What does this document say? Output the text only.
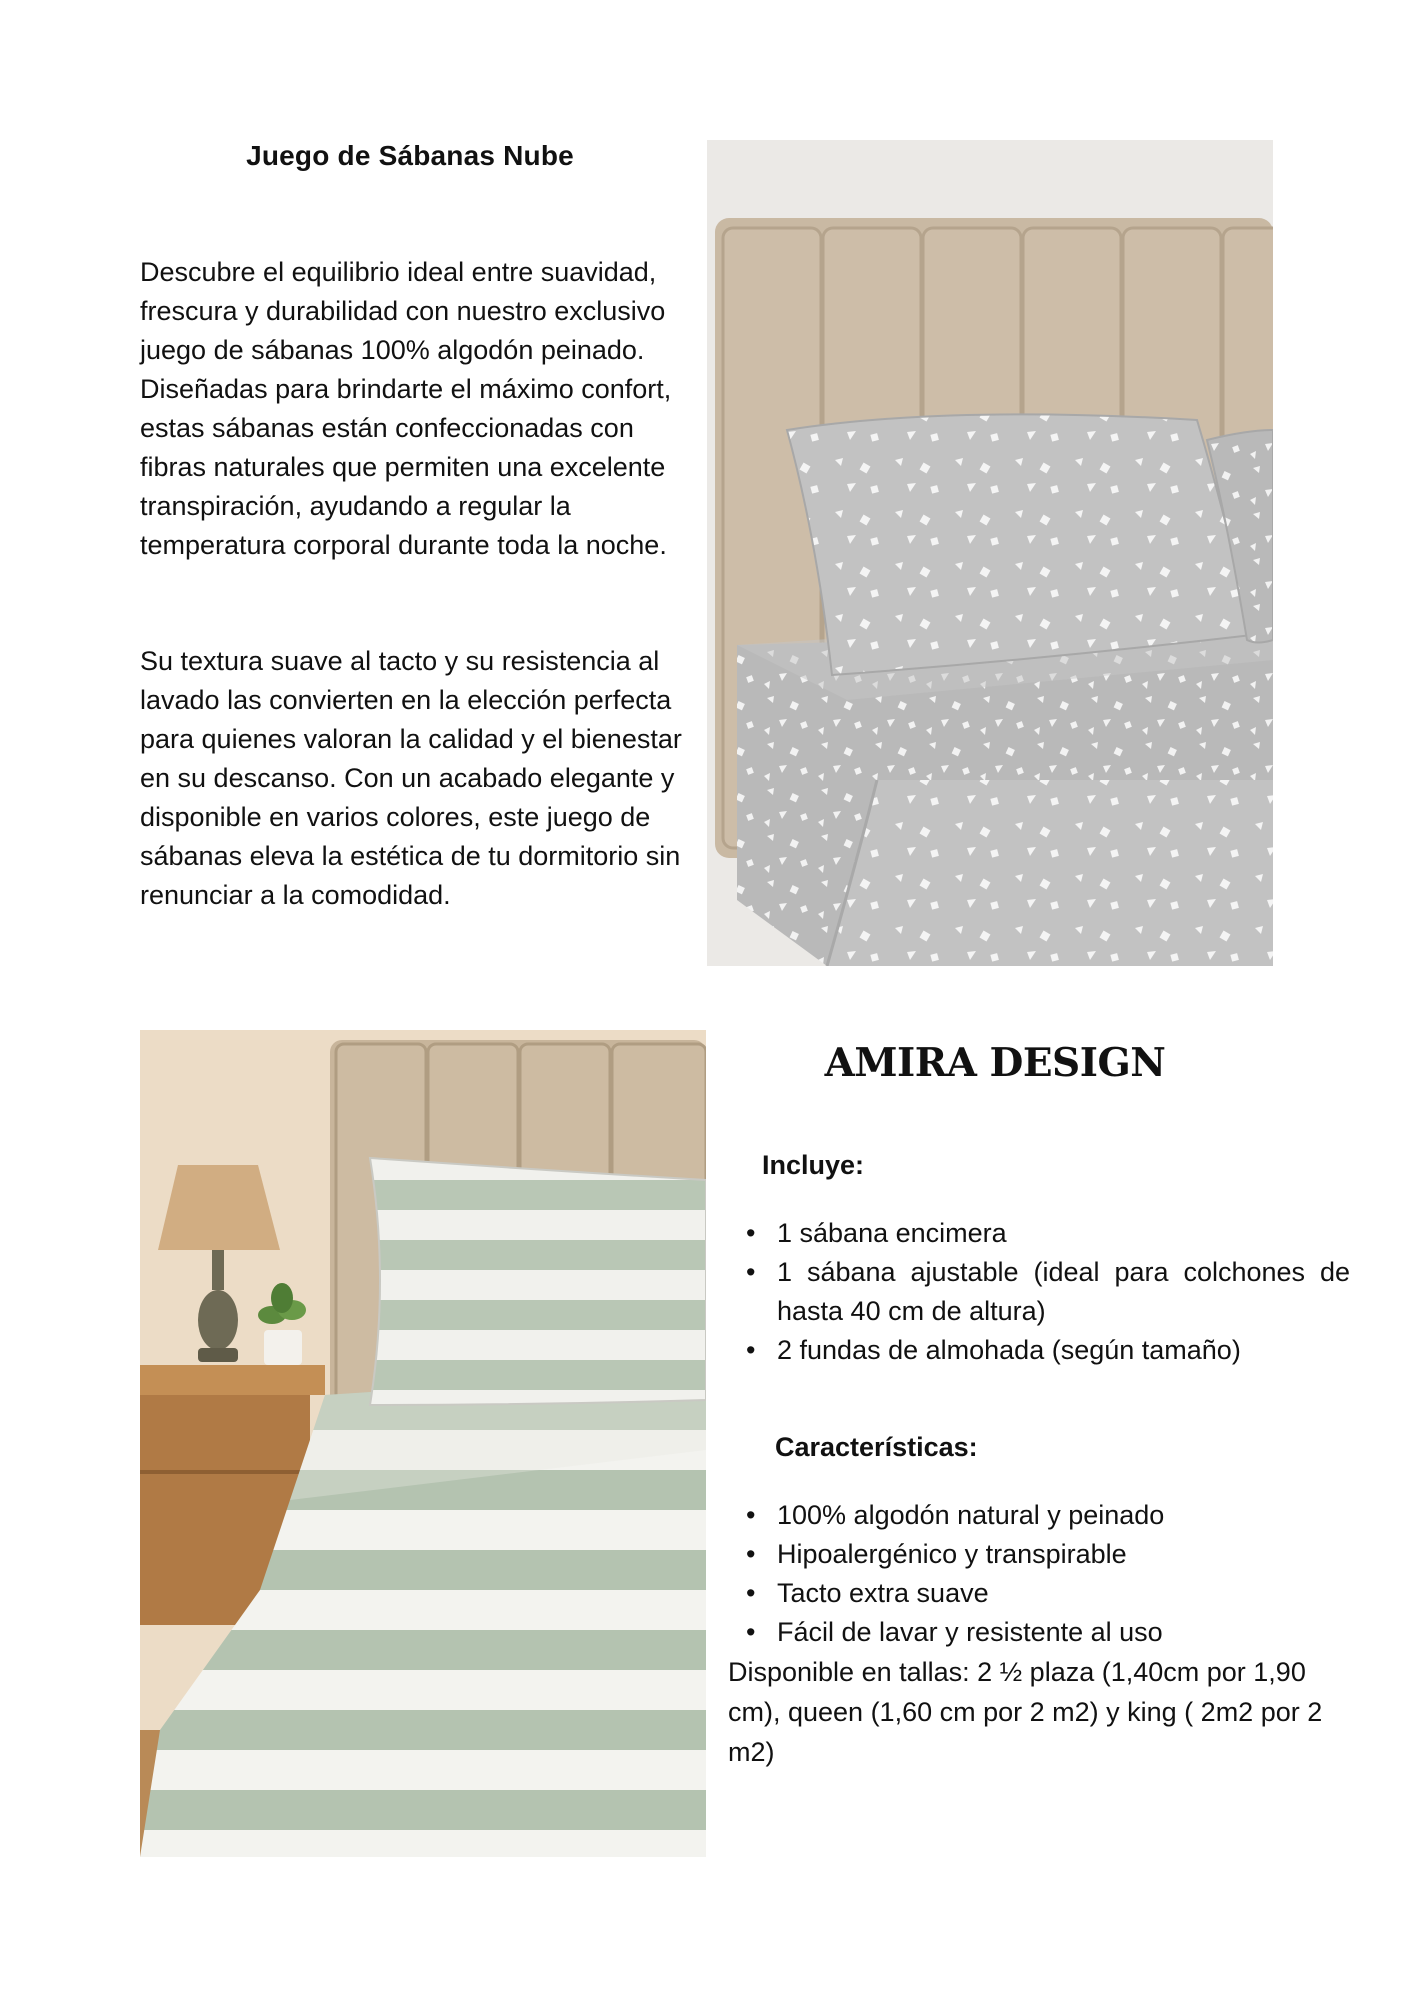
Juego de Sábanas Nube
Descubre el equilibrio ideal entre suavidad, frescura y durabilidad con nuestro exclusivo juego de sábanas 100% algodón peinado. Diseñadas para brindarte el máximo confort, estas sábanas están confeccionadas con fibras naturales que permiten una excelente transpiración, ayudando a regular la temperatura corporal durante toda la noche.
Su textura suave al tacto y su resistencia al lavado las convierten en la elección perfecta para quienes valoran la calidad y el bienestar en su descanso. Con un acabado elegante y disponible en varios colores, este juego de sábanas eleva la estética de tu dormitorio sin renunciar a la comodidad.
AMIRA DESIGN
Incluye:
• 1 sábana encimera
• 1 sábana ajustable (ideal para colchones de hasta 40 cm de altura)
• 2 fundas de almohada (según tamaño)
Características:
• 100% algodón natural y peinado
• Hipoalergénico y transpirable
• Tacto extra suave
• Fácil de lavar y resistente al uso
Disponible en tallas: 2 ½ plaza (1,40cm por 1,90 cm), queen (1,60 cm por 2 m2) y king ( 2m2 por 2 m2)
